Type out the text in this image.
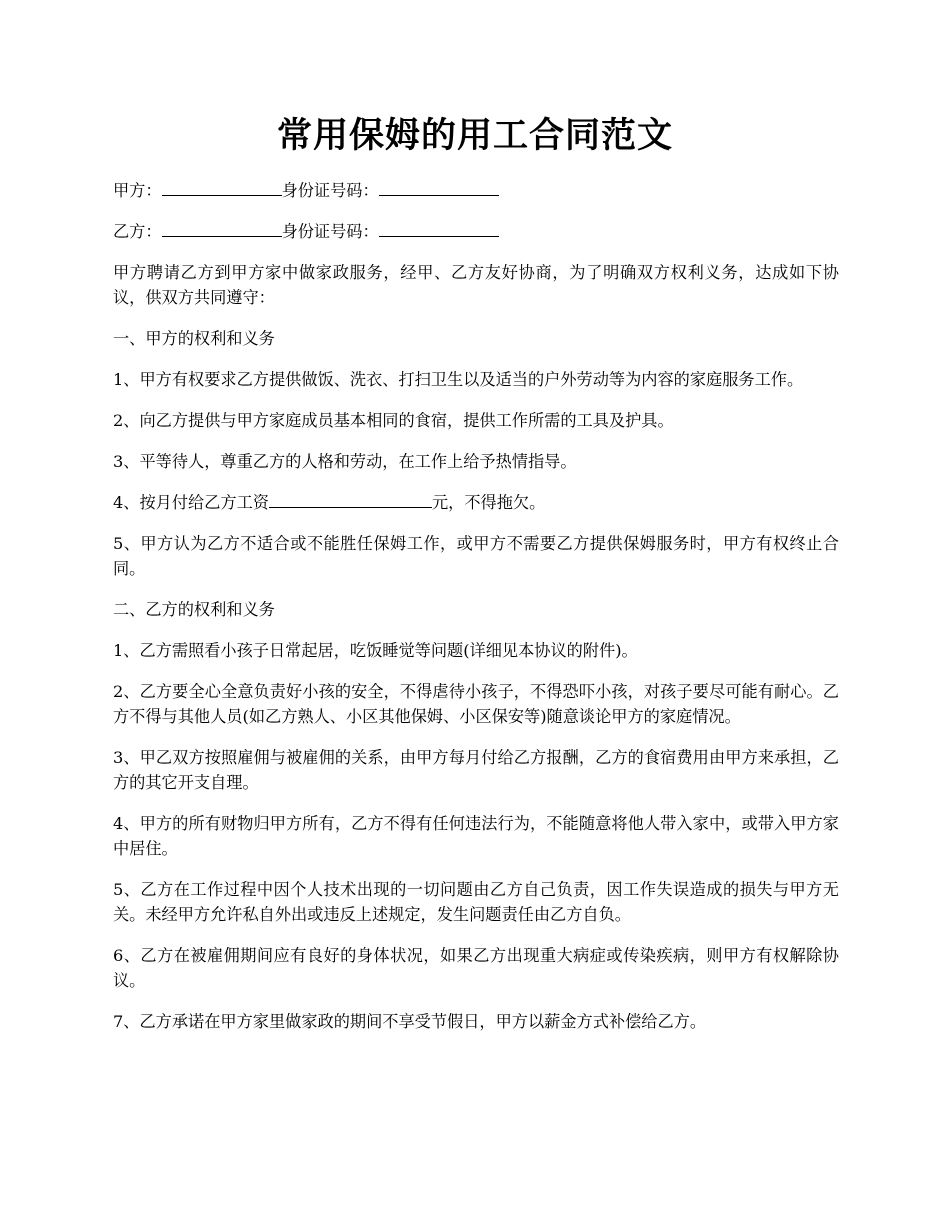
常用保姆的用工合同范文

甲方：	身份证号码：

乙方：	身份证号码：

甲方聘请乙方到甲方家中做家政服务，经甲、乙方友好协商，为了明确双方权利义务，达成如下协议，供双方共同遵守：

一、甲方的权利和义务

1、甲方有权要求乙方提供做饭、洗衣、打扫卫生以及适当的户外劳动等为内容的家庭服务工作。

2、向乙方提供与甲方家庭成员基本相同的食宿，提供工作所需的工具及护具。

3、平等待人，尊重乙方的人格和劳动，在工作上给予热情指导。

4、按月付给乙方工资	元，不得拖欠。

5、甲方认为乙方不适合或不能胜任保姆工作，或甲方不需要乙方提供保姆服务时，甲方有权终止合同。

二、乙方的权利和义务

1、乙方需照看小孩子日常起居，吃饭睡觉等问题(详细见本协议的附件)。

2、乙方要全心全意负责好小孩的安全，不得虐待小孩子，不得恐吓小孩，对孩子要尽可能有耐心。乙方不得与其他人员(如乙方熟人、小区其他保姆、小区保安等)随意谈论甲方的家庭情况。

3、甲乙双方按照雇佣与被雇佣的关系，由甲方每月付给乙方报酬，乙方的食宿费用由甲方来承担，乙方的其它开支自理。

4、甲方的所有财物归甲方所有，乙方不得有任何违法行为，不能随意将他人带入家中，或带入甲方家中居住。

5、乙方在工作过程中因个人技术出现的一切问题由乙方自己负责，因工作失误造成的损失与甲方无关。未经甲方允许私自外出或违反上述规定，发生问题责任由乙方自负。

6、乙方在被雇佣期间应有良好的身体状况，如果乙方出现重大病症或传染疾病，则甲方有权解除协议。

7、乙方承诺在甲方家里做家政的期间不享受节假日，甲方以薪金方式补偿给乙方。
